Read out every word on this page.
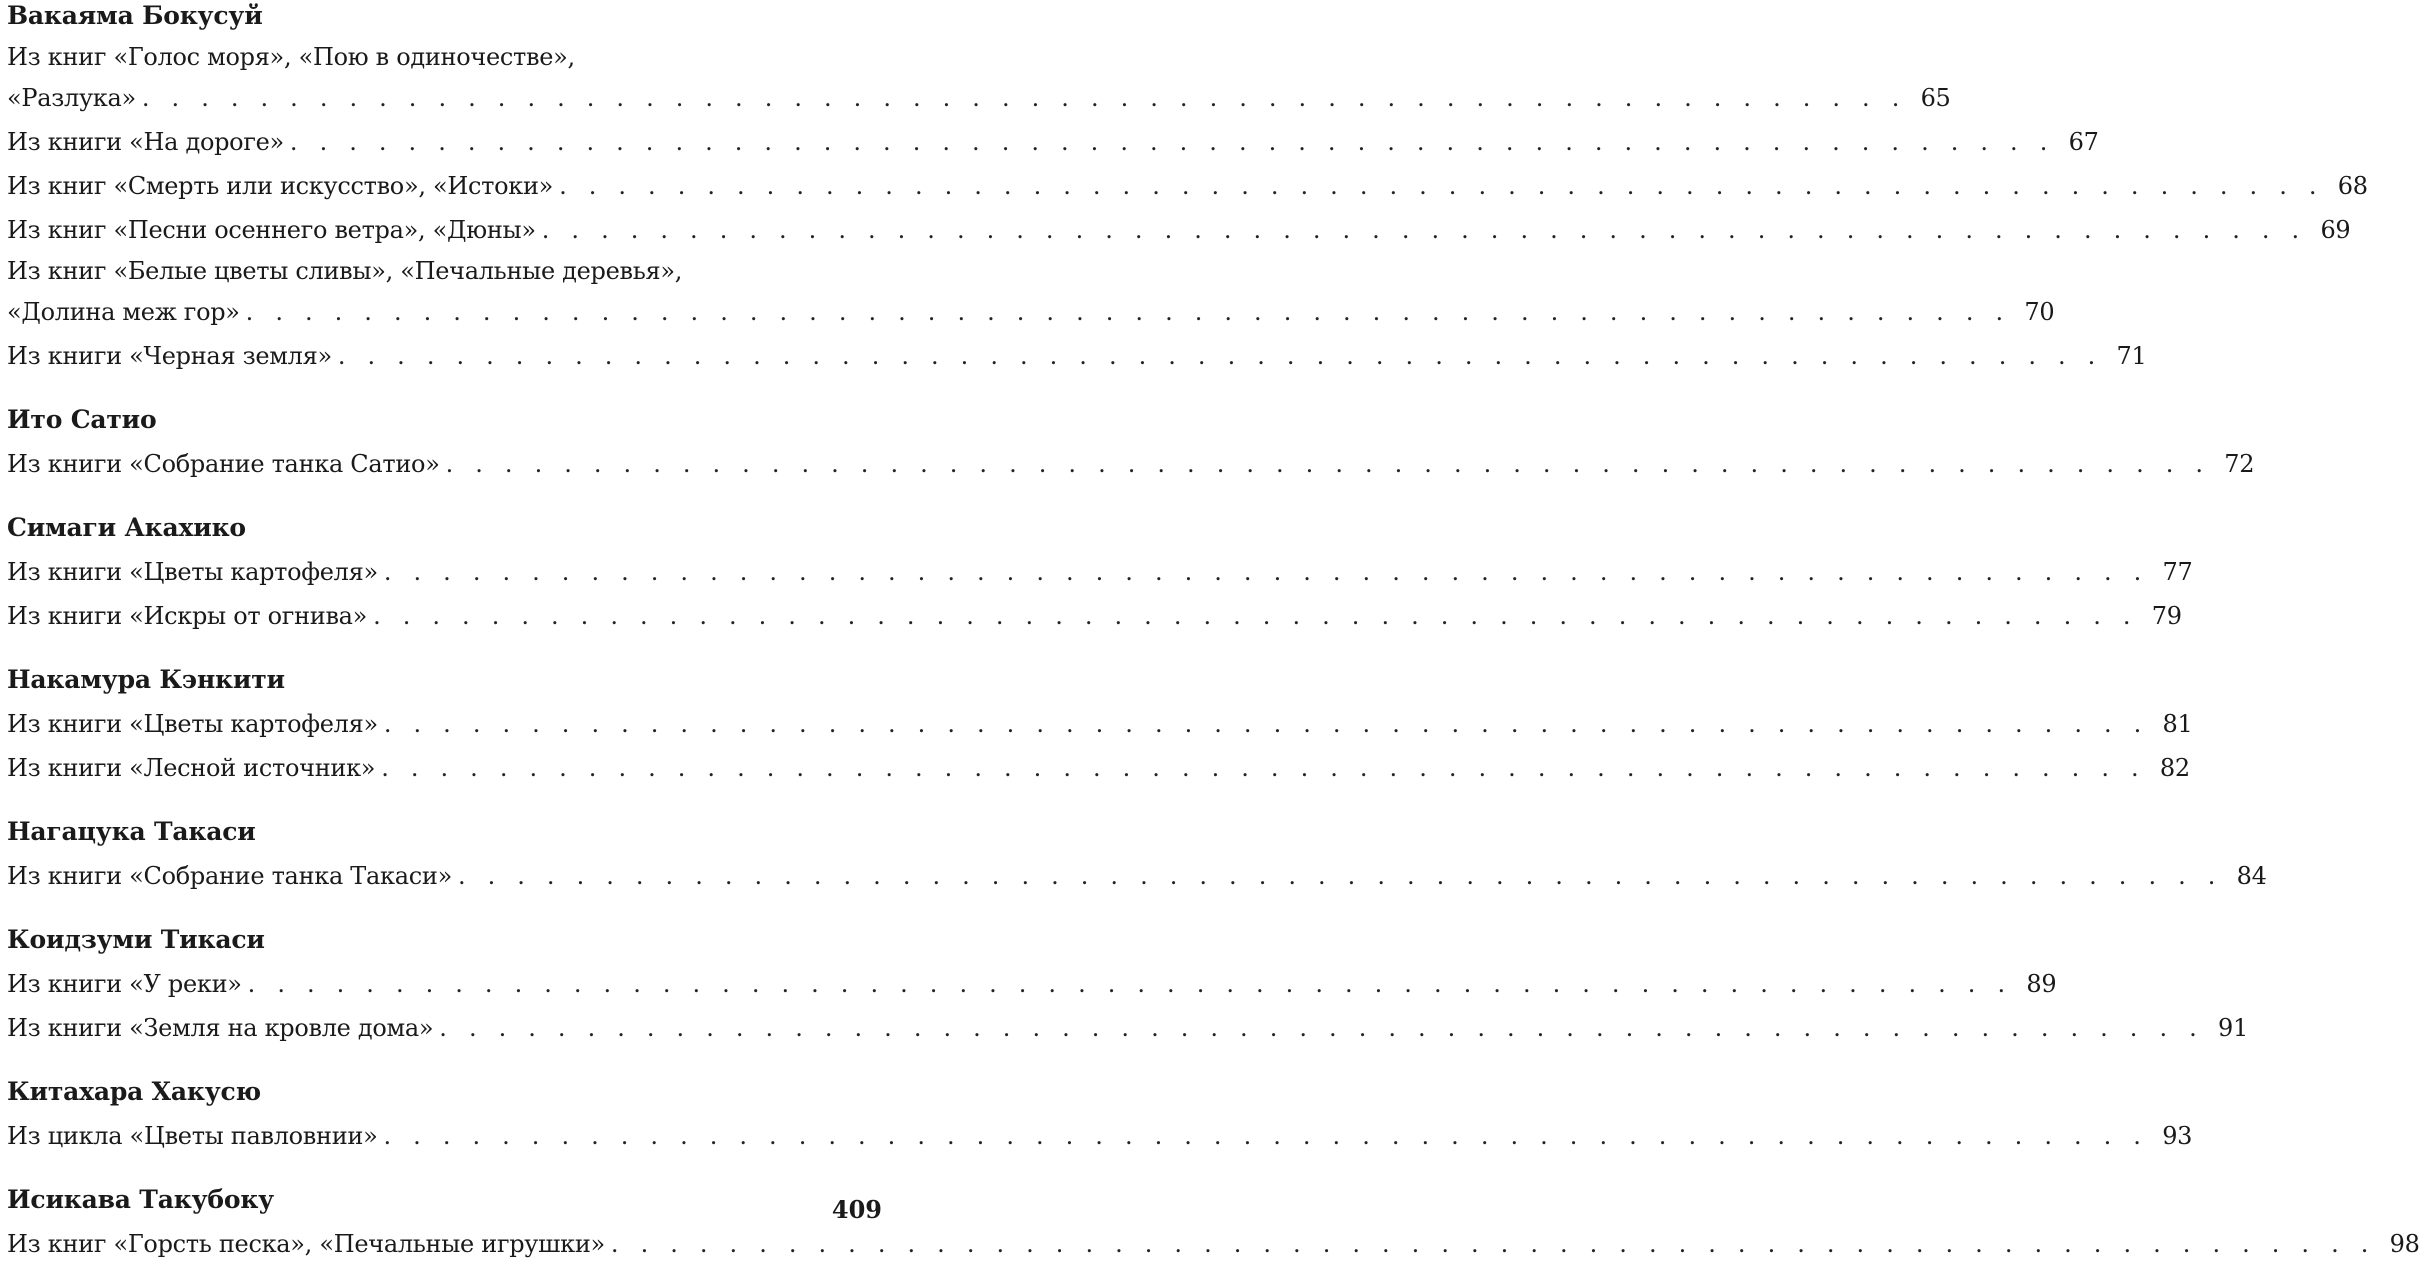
Вакаяма Бокусуй
Из книг «Голос моря», «Пою в одиночестве»,
«Разлука» . . . . . . . . . . . . . . . . . . . . . . . . . . . . . . . . . . . . . . . . . . . . . . . . . . . . . . . . . . . . 65
Из книги «На дороге» . . . . . . . . . . . . . . . . . . . . . . . . . . . . . . . . . . . . . . . . . . . . . . . . . . . . . . . . . . . . 67
Из книг «Смерть или искусство», «Истоки» . . . . . . . . . . . . . . . . . . . . . . . . . . . . . . . . . . . . . . . . . . . . . . . . . . . . . . . . . . . . 68
Из книг «Песни осеннего ветра», «Дюны» . . . . . . . . . . . . . . . . . . . . . . . . . . . . . . . . . . . . . . . . . . . . . . . . . . . . . . . . . . . . 69
Из книг «Белые цветы сливы», «Печальные деревья»,
«Долина меж гор» . . . . . . . . . . . . . . . . . . . . . . . . . . . . . . . . . . . . . . . . . . . . . . . . . . . . . . . . . . . . 70
Из книги «Черная земля» . . . . . . . . . . . . . . . . . . . . . . . . . . . . . . . . . . . . . . . . . . . . . . . . . . . . . . . . . . . . 71
Ито Сатио
Из книги «Собрание танка Сатио» . . . . . . . . . . . . . . . . . . . . . . . . . . . . . . . . . . . . . . . . . . . . . . . . . . . . . . . . . . . . 72
Симаги Акахико
Из книги «Цветы картофеля» . . . . . . . . . . . . . . . . . . . . . . . . . . . . . . . . . . . . . . . . . . . . . . . . . . . . . . . . . . . . 77
Из книги «Искры от огнива» . . . . . . . . . . . . . . . . . . . . . . . . . . . . . . . . . . . . . . . . . . . . . . . . . . . . . . . . . . . . 79
Накамура Кэнкити
Из книги «Цветы картофеля» . . . . . . . . . . . . . . . . . . . . . . . . . . . . . . . . . . . . . . . . . . . . . . . . . . . . . . . . . . . . 81
Из книги «Лесной источник» . . . . . . . . . . . . . . . . . . . . . . . . . . . . . . . . . . . . . . . . . . . . . . . . . . . . . . . . . . . . 82
Нагацука Такаси
Из книги «Собрание танка Такаси» . . . . . . . . . . . . . . . . . . . . . . . . . . . . . . . . . . . . . . . . . . . . . . . . . . . . . . . . . . . . 84
Коидзуми Тикаси
Из книги «У реки» . . . . . . . . . . . . . . . . . . . . . . . . . . . . . . . . . . . . . . . . . . . . . . . . . . . . . . . . . . . . 89
Из книги «Земля на кровле дома» . . . . . . . . . . . . . . . . . . . . . . . . . . . . . . . . . . . . . . . . . . . . . . . . . . . . . . . . . . . . 91
Китахара Хакусю
Из цикла «Цветы павловнии» . . . . . . . . . . . . . . . . . . . . . . . . . . . . . . . . . . . . . . . . . . . . . . . . . . . . . . . . . . . . 93
Исикава Такубоку
Из книг «Горсть песка», «Печальные игрушки» . . . . . . . . . . . . . . . . . . . . . . . . . . . . . . . . . . . . . . . . . . . . . . . . . . . . . . . . . . . . 98
409
